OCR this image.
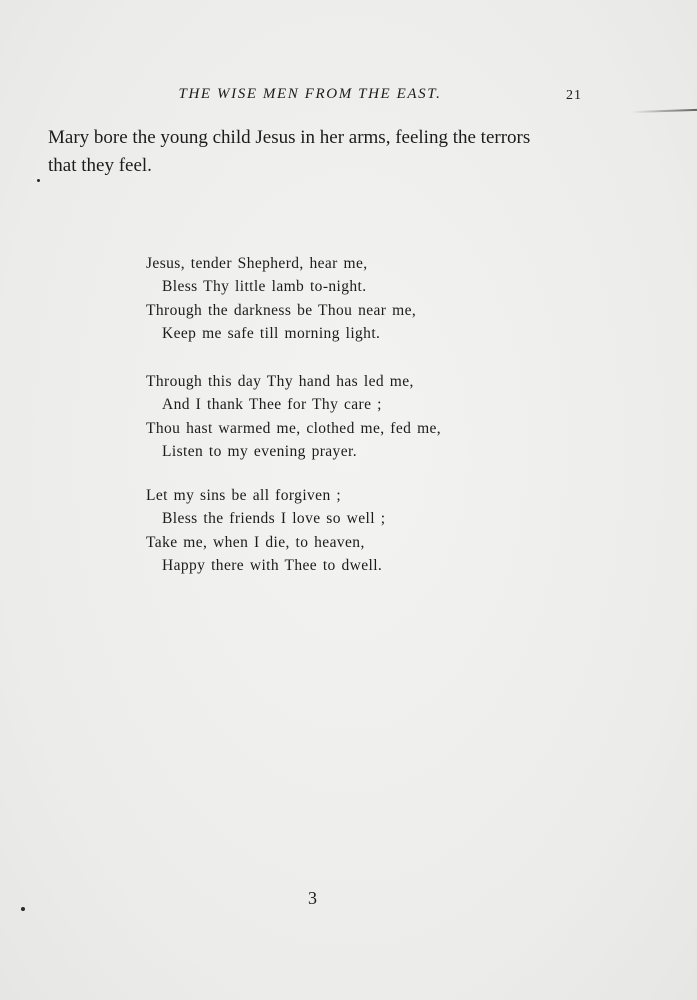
THE WISE MEN FROM THE EAST.	21
Mary bore the young child Jesus in her arms, feeling the terrors
that they feel.
Jesus, tender Shepherd, hear me,
Bless Thy little lamb to-night.
Through the darkness be Thou near me,
Keep me safe till morning light.
Through this day Thy hand has led me,
And I thank Thee for Thy care ;
Thou hast warmed me, clothed me, fed me,
Listen to my evening prayer.
Let my sins be all forgiven ;
Bless the friends I love so well ;
Take me, when I die, to heaven,
Happy there with Thee to dwell.
3
